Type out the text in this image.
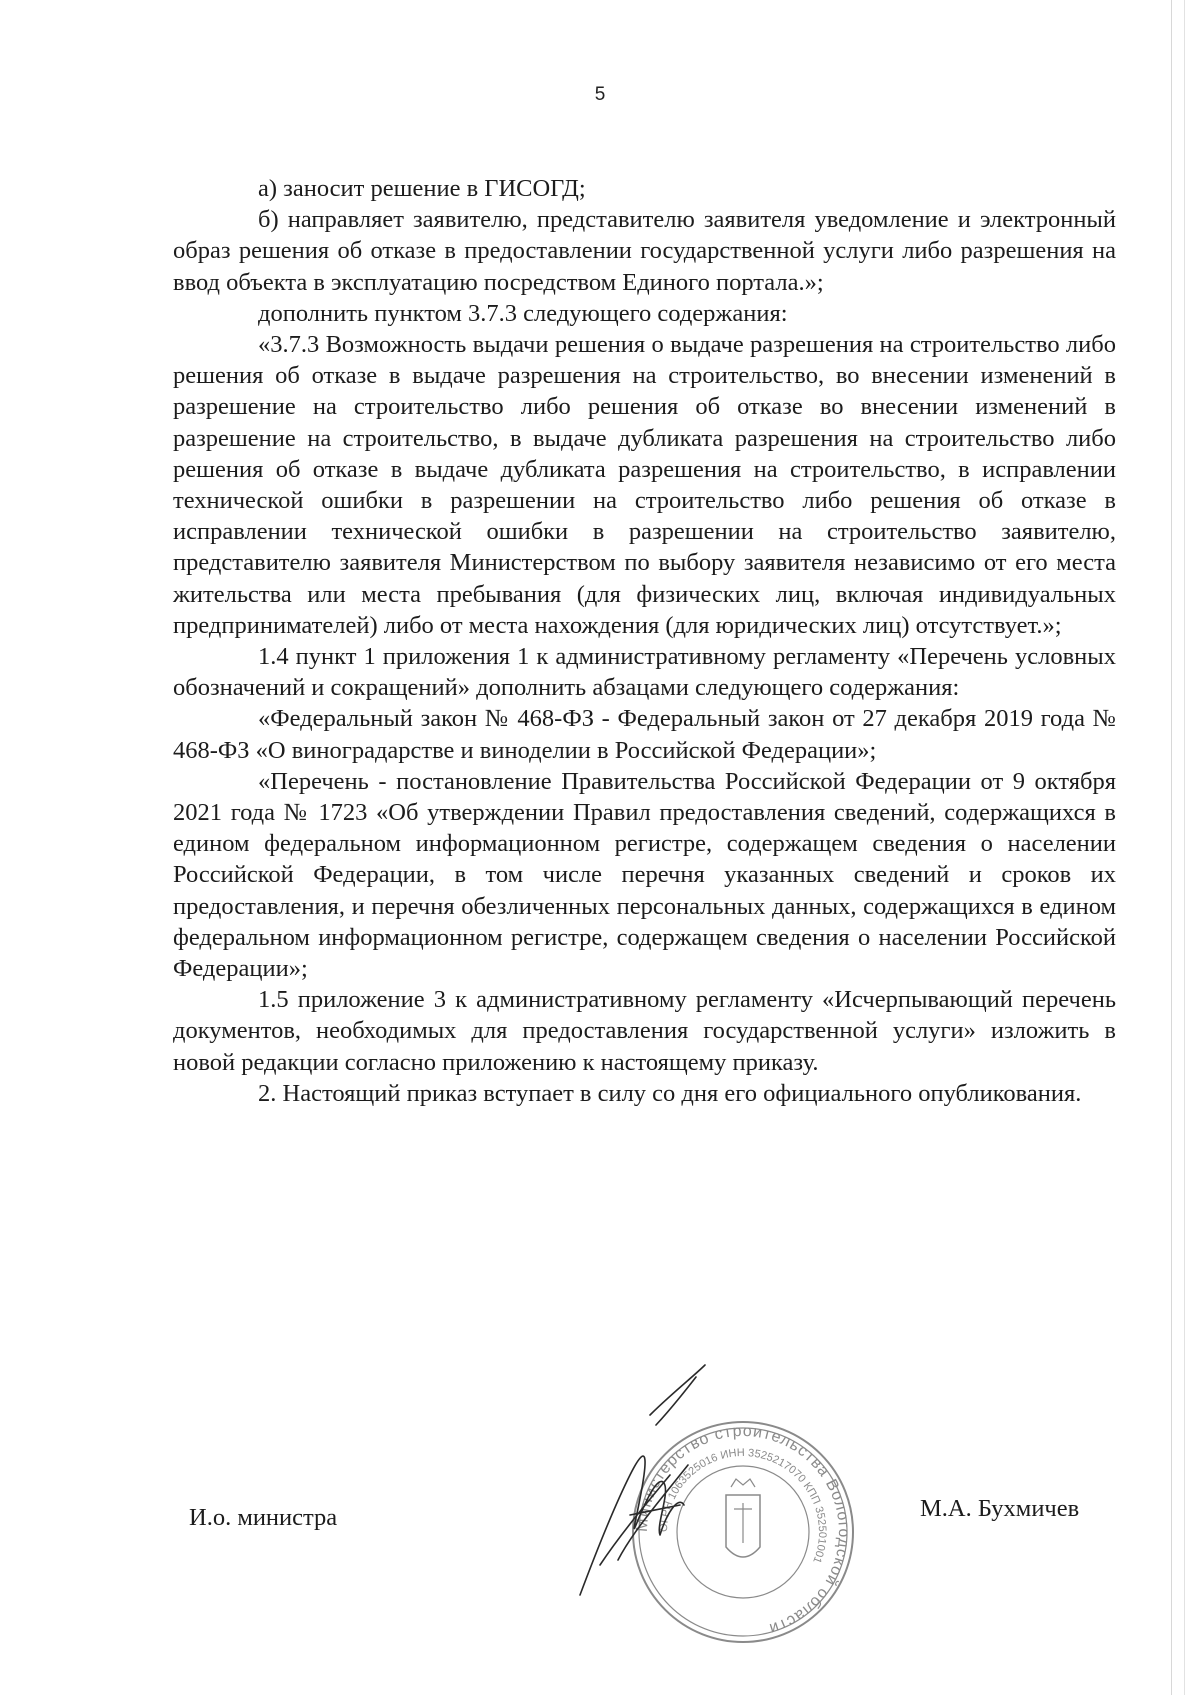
5

а) заносит решение в ГИСОГД;

б) направляет заявителю, представителю заявителя уведомление и электронный образ решения об отказе в предоставлении государственной услуги либо разрешения на ввод объекта в эксплуатацию посредством Единого портала.»;

дополнить пунктом 3.7.3 следующего содержания:

«3.7.3 Возможность выдачи решения о выдаче разрешения на строительство либо решения об отказе в выдаче разрешения на строительство, во внесении изменений в разрешение на строительство либо решения об отказе во внесении изменений в разрешение на строительство, в выдаче дубликата разрешения на строительство либо решения об отказе в выдаче дубликата разрешения на строительство, в исправлении технической ошибки в разрешении на строительство либо решения об отказе в исправлении технической ошибки в разрешении на строительство заявителю, представителю заявителя Министерством по выбору заявителя независимо от его места жительства или места пребывания (для физических лиц, включая индивидуальных предпринимателей) либо от места нахождения (для юридических лиц) отсутствует.»;

1.4 пункт 1 приложения 1 к административному регламенту «Перечень условных обозначений и сокращений» дополнить абзацами следующего содержания:

«Федеральный закон № 468-ФЗ - Федеральный закон от 27 декабря 2019 года № 468-ФЗ «О виноградарстве и виноделии в Российской Федерации»;

«Перечень - постановление Правительства Российской Федерации от 9 октября 2021 года № 1723 «Об утверждении Правил предоставления сведений, содержащихся в едином федеральном информационном регистре, содержащем сведения о населении Российской Федерации, в том числе перечня указанных сведений и сроков их предоставления, и перечня обезличенных персональных данных, содержащихся в едином федеральном информационном регистре, содержащем сведения о населении Российской Федерации»;

1.5 приложение 3 к административному регламенту «Исчерпывающий перечень документов, необходимых для предоставления государственной услуги» изложить в новой редакции согласно приложению к настоящему приказу.

2. Настоящий приказ вступает в силу со дня его официального опубликования.

И.о. министра	Министерство строительства Вологодской области
ОГРН 1063525016 ИНН 3525217070 КПП 352501001
М.А. Бухмичев
